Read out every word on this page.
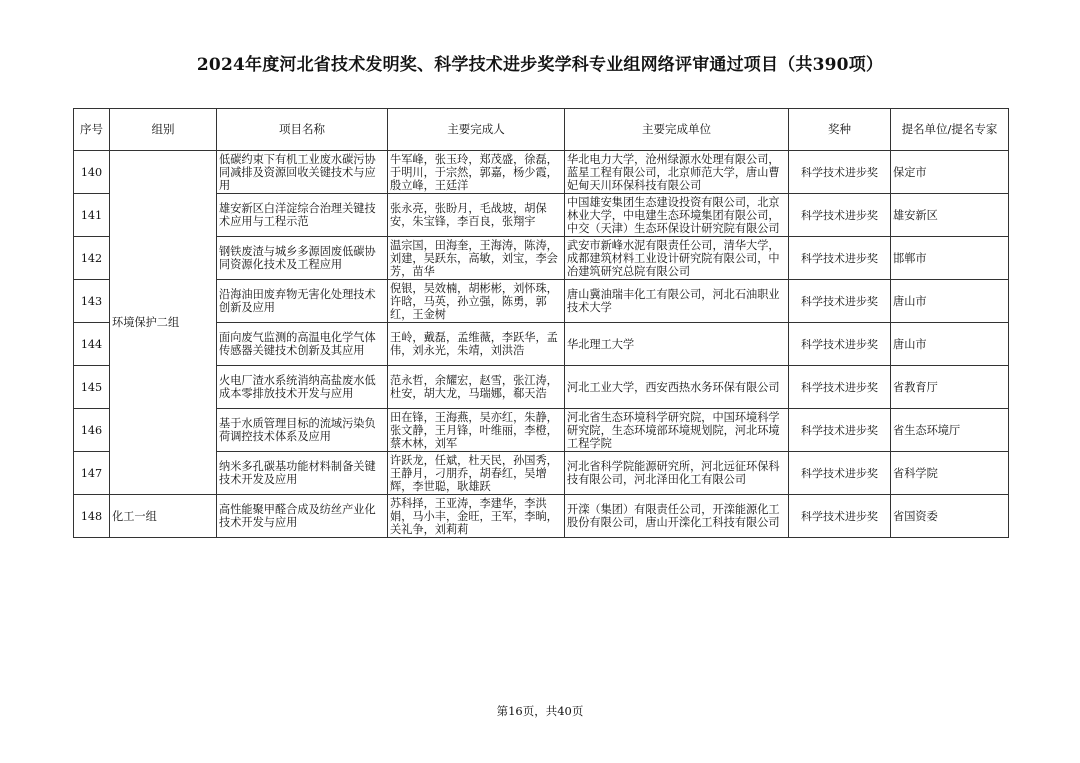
2024年度河北省技术发明奖、科学技术进步奖学科专业组网络评审通过项目（共390项）
序号	组别	项目名称	主要完成人	主要完成单位	奖种	提名单位/提名专家
140	环境保护二组	低碳约束下有机工业废水碳污协同减排及资源回收关键技术与应用	牛军峰，张玉玲，郑茂盛，徐磊，于明川，于宗然，郭嘉，杨少霞，殷立峰，王廷洋	华北电力大学，沧州绿源水处理有限公司，蓝星工程有限公司，北京师范大学，唐山曹妃甸天川环保科技有限公司	科学技术进步奖	保定市
141		雄安新区白洋淀综合治理关键技术应用与工程示范	张永亮，张盼月，毛战坡，胡保安，朱宝锋，李百良，张翔宇	中国雄安集团生态建设投资有限公司，北京林业大学，中电建生态环境集团有限公司，中交（天津）生态环保设计研究院有限公司	科学技术进步奖	雄安新区
142		钢铁废渣与城乡多源固废低碳协同资源化技术及工程应用	温宗国，田海奎，王海涛，陈涛，刘建，吴跃东，高敏，刘宝，李会芳，苗华	武安市新峰水泥有限责任公司，清华大学，成都建筑材料工业设计研究院有限公司，中冶建筑研究总院有限公司	科学技术进步奖	邯郸市
143		沿海油田废弃物无害化处理技术创新及应用	倪银，吴效楠，胡彬彬，刘怀珠，许晗，马英，孙立强，陈勇，郭红，王金树	唐山冀油瑞丰化工有限公司，河北石油职业技术大学	科学技术进步奖	唐山市
144		面向废气监测的高温电化学气体传感器关键技术创新及其应用	王岭，戴磊，孟维薇，李跃华，孟伟，刘永光，朱靖，刘洪浩	华北理工大学	科学技术进步奖	唐山市
145		火电厂渣水系统消纳高盐废水低成本零排放技术开发与应用	范永哲，余耀宏，赵雪，张江涛，杜安，胡大龙，马瑞娜，郗天浩	河北工业大学，西安西热水务环保有限公司	科学技术进步奖	省教育厅
146		基于水质管理目标的流域污染负荷调控技术体系及应用	田在锋，王海燕，吴亦红，朱静，张文静，王月锋，叶维丽，李橙，蔡木林，刘军	河北省生态环境科学研究院，中国环境科学研究院，生态环境部环境规划院，河北环境工程学院	科学技术进步奖	省生态环境厅
147		纳米多孔碳基功能材料制备关键技术开发及应用	许跃龙，任斌，杜天民，孙国秀，王静月，刁朋乔，胡春红，吴增辉，李世聪，耿雄跃	河北省科学院能源研究所，河北远征环保科技有限公司，河北泽田化工有限公司	科学技术进步奖	省科学院
148	化工一组	高性能聚甲醛合成及纺丝产业化技术开发与应用	苏科择，王亚涛，李建华，李洪娟，马小丰，金旺，王军，李晌，关礼争，刘莉莉	开滦（集团）有限责任公司，开滦能源化工股份有限公司，唐山开滦化工科技有限公司	科学技术进步奖	省国资委
第16页，共40页
